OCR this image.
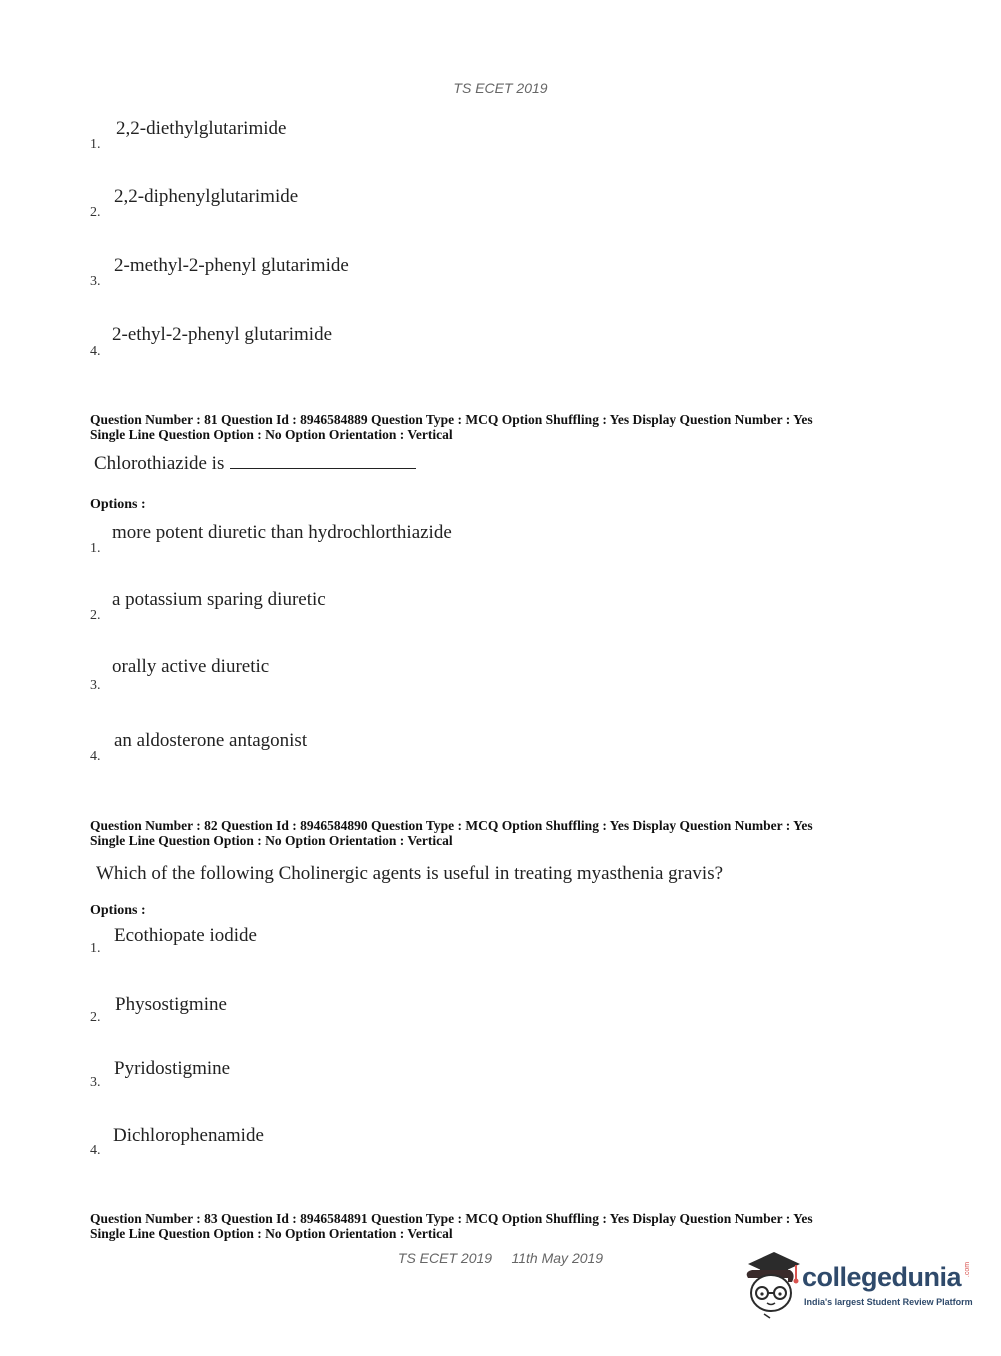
TS ECET 2019
1.
2,2-diethylglutarimide
2.
2,2-diphenylglutarimide
3.
2-methyl-2-phenyl glutarimide
4.
2-ethyl-2-phenyl glutarimide
Question Number : 81 Question Id : 8946584889 Question Type : MCQ Option Shuffling : Yes Display Question Number : Yes
Single Line Question Option : No Option Orientation : Vertical
Chlorothiazide is
Options :
1.
more potent diuretic than hydrochlorthiazide
2.
a potassium sparing diuretic
3.
orally active diuretic
4.
an aldosterone antagonist
Question Number : 82 Question Id : 8946584890 Question Type : MCQ Option Shuffling : Yes Display Question Number : Yes
Single Line Question Option : No Option Orientation : Vertical
Which of the following Cholinergic agents is useful in treating myasthenia gravis?
Options :
1.
Ecothiopate iodide
2.
Physostigmine
3.
Pyridostigmine
4.
Dichlorophenamide
Question Number : 83 Question Id : 8946584891 Question Type : MCQ Option Shuffling : Yes Display Question Number : Yes
Single Line Question Option : No Option Orientation : Vertical
TS ECET 2019     11th May 2019
collegedunia .com
India's largest Student Review Platform
